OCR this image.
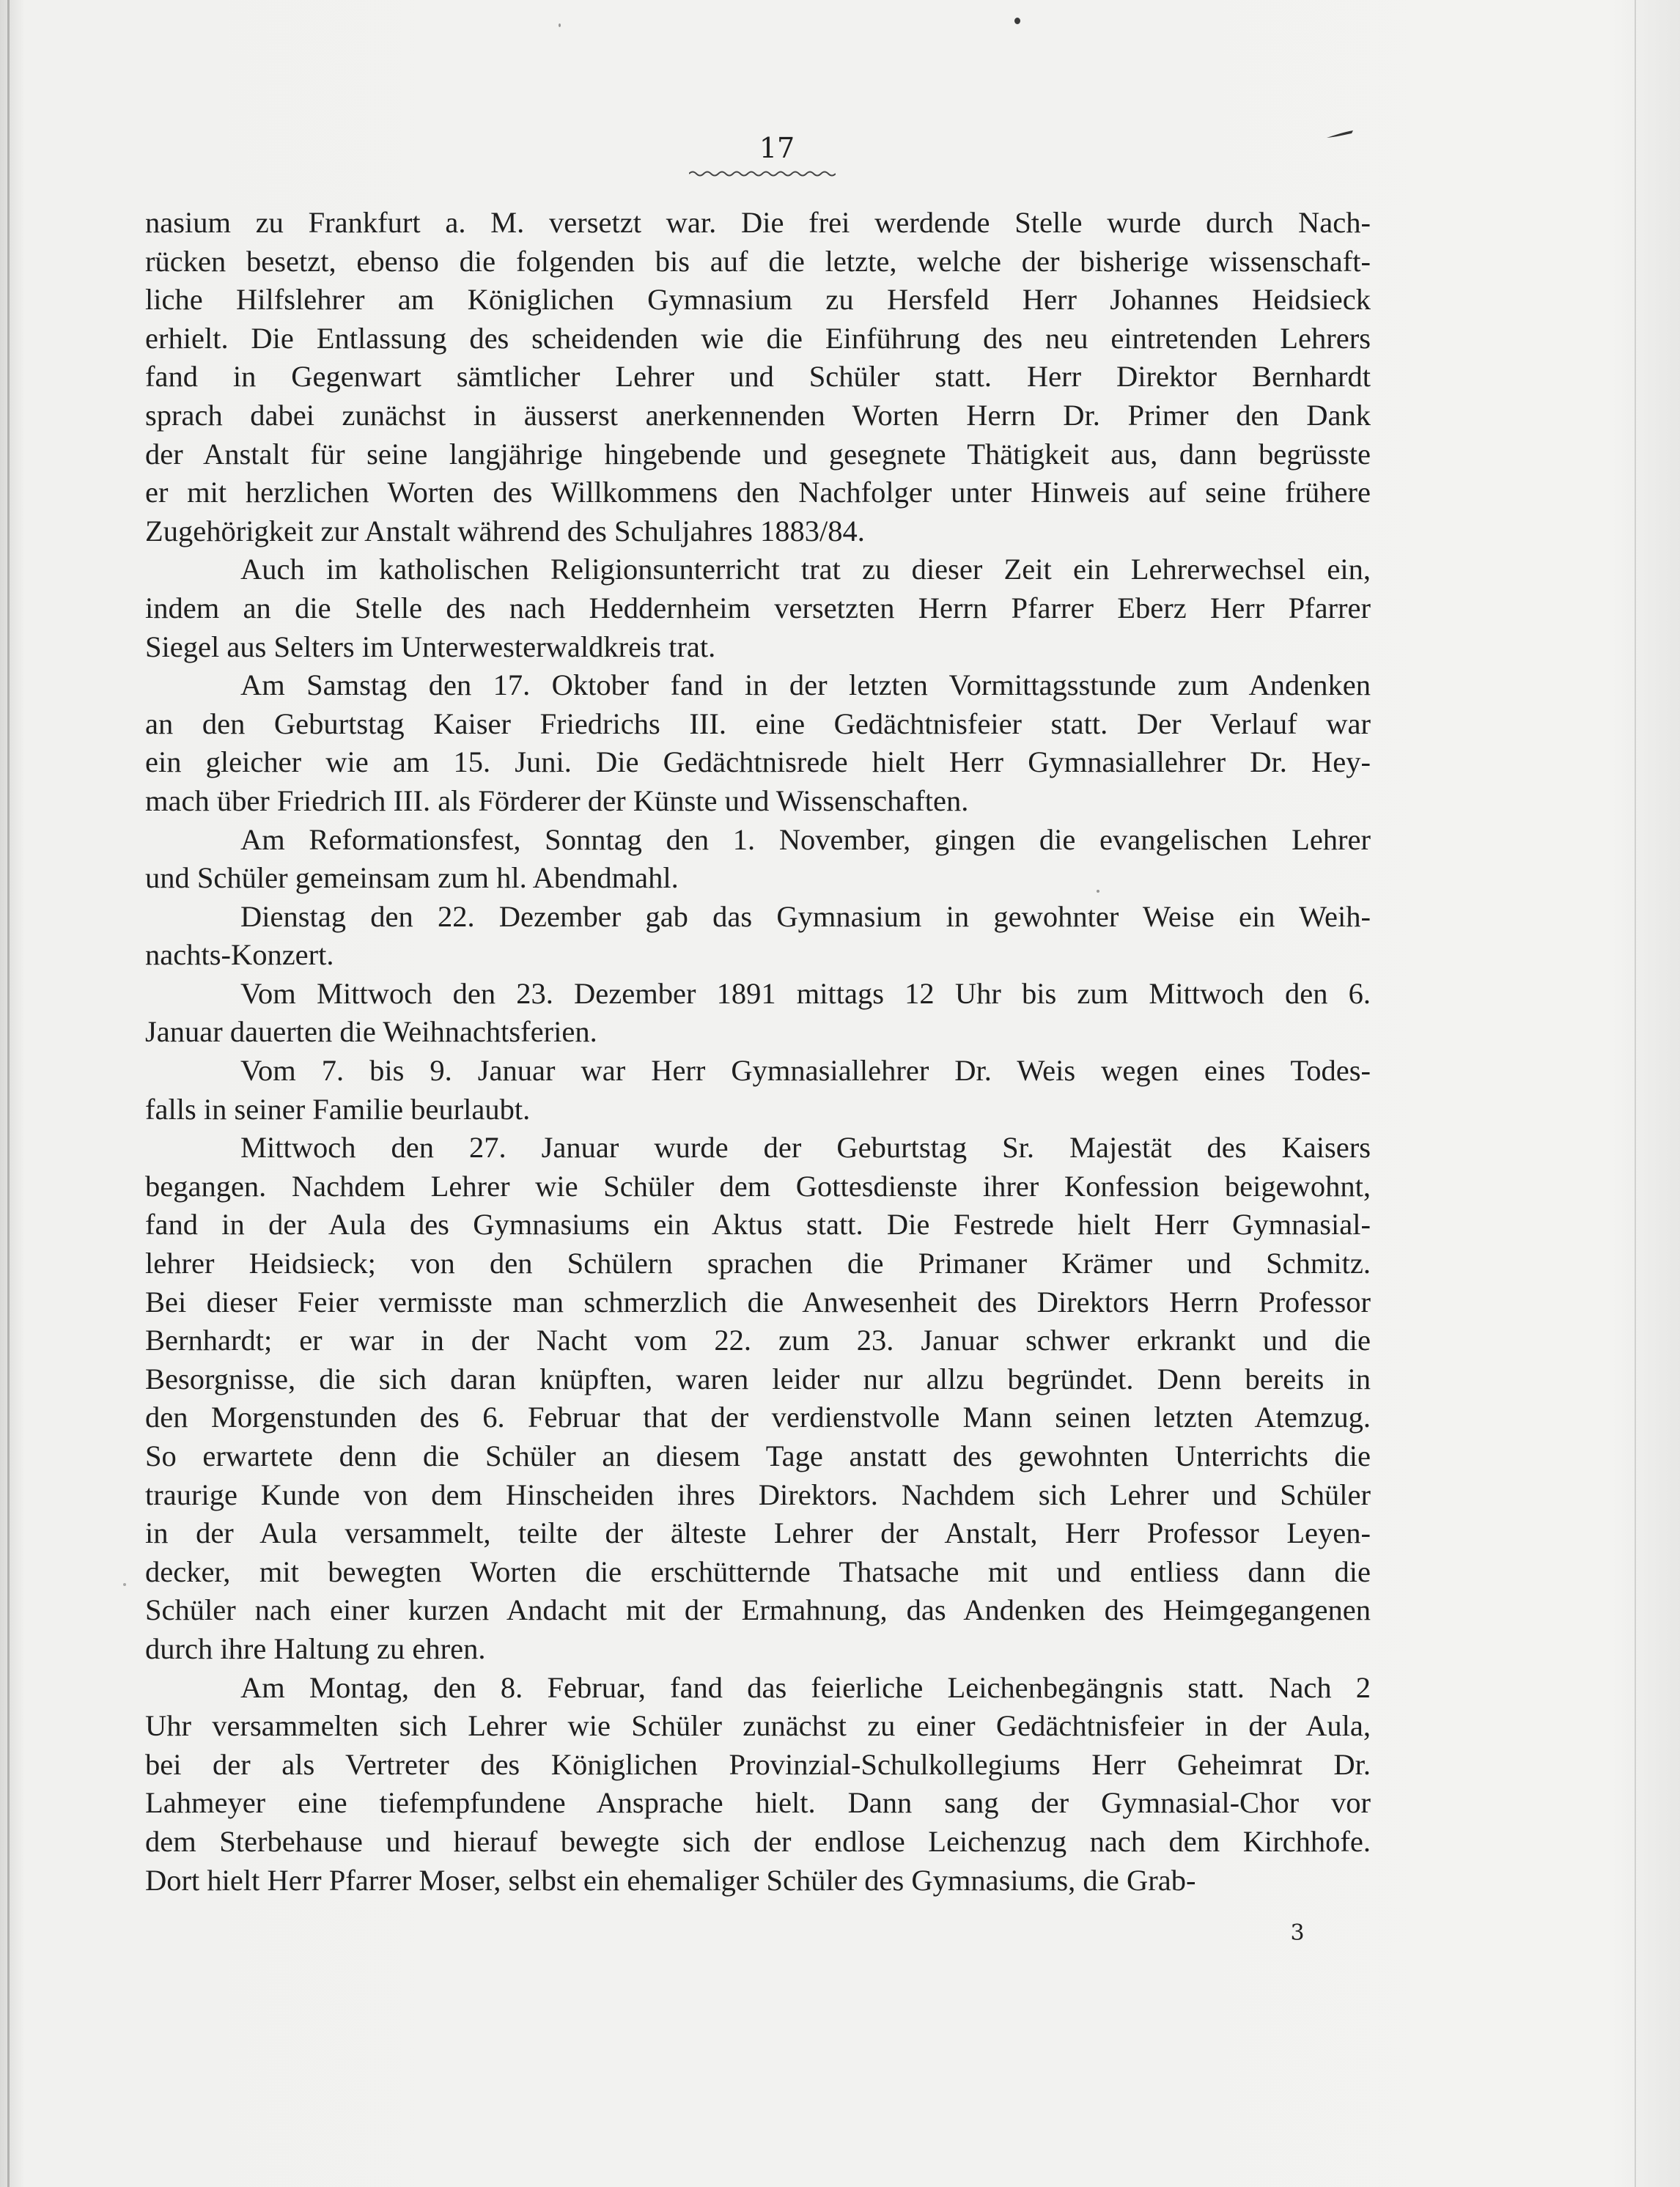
17
nasium zu Frankfurt a. M. versetzt war. Die frei werdende Stelle wurde durch Nach-
rücken besetzt, ebenso die folgenden bis auf die letzte, welche der bisherige wissenschaft-
liche Hilfslehrer am Königlichen Gymnasium zu Hersfeld Herr Johannes Heidsieck
erhielt. Die Entlassung des scheidenden wie die Einführung des neu eintretenden Lehrers
fand in Gegenwart sämtlicher Lehrer und Schüler statt. Herr Direktor Bernhardt
sprach dabei zunächst in äusserst anerkennenden Worten Herrn Dr. Primer den Dank
der Anstalt für seine langjährige hingebende und gesegnete Thätigkeit aus, dann begrüsste
er mit herzlichen Worten des Willkommens den Nachfolger unter Hinweis auf seine frühere
Zugehörigkeit zur Anstalt während des Schuljahres 1883/84.
Auch im katholischen Religionsunterricht trat zu dieser Zeit ein Lehrerwechsel ein,
indem an die Stelle des nach Heddernheim versetzten Herrn Pfarrer Eberz Herr Pfarrer
Siegel aus Selters im Unterwesterwaldkreis trat.
Am Samstag den 17. Oktober fand in der letzten Vormittagsstunde zum Andenken
an den Geburtstag Kaiser Friedrichs III. eine Gedächtnisfeier statt. Der Verlauf war
ein gleicher wie am 15. Juni. Die Gedächtnisrede hielt Herr Gymnasiallehrer Dr. Hey-
mach über Friedrich III. als Förderer der Künste und Wissenschaften.
Am Reformationsfest, Sonntag den 1. November, gingen die evangelischen Lehrer
und Schüler gemeinsam zum hl. Abendmahl.
Dienstag den 22. Dezember gab das Gymnasium in gewohnter Weise ein Weih-
nachts-Konzert.
Vom Mittwoch den 23. Dezember 1891 mittags 12 Uhr bis zum Mittwoch den 6.
Januar dauerten die Weihnachtsferien.
Vom 7. bis 9. Januar war Herr Gymnasiallehrer Dr. Weis wegen eines Todes-
falls in seiner Familie beurlaubt.
Mittwoch den 27. Januar wurde der Geburtstag Sr. Majestät des Kaisers
begangen. Nachdem Lehrer wie Schüler dem Gottesdienste ihrer Konfession beigewohnt,
fand in der Aula des Gymnasiums ein Aktus statt. Die Festrede hielt Herr Gymnasial-
lehrer Heidsieck; von den Schülern sprachen die Primaner Krämer und Schmitz.
Bei dieser Feier vermisste man schmerzlich die Anwesenheit des Direktors Herrn Professor
Bernhardt; er war in der Nacht vom 22. zum 23. Januar schwer erkrankt und die
Besorgnisse, die sich daran knüpften, waren leider nur allzu begründet. Denn bereits in
den Morgenstunden des 6. Februar that der verdienstvolle Mann seinen letzten Atemzug.
So erwartete denn die Schüler an diesem Tage anstatt des gewohnten Unterrichts die
traurige Kunde von dem Hinscheiden ihres Direktors. Nachdem sich Lehrer und Schüler
in der Aula versammelt, teilte der älteste Lehrer der Anstalt, Herr Professor Leyen-
decker, mit bewegten Worten die erschütternde Thatsache mit und entliess dann die
Schüler nach einer kurzen Andacht mit der Ermahnung, das Andenken des Heimgegangenen
durch ihre Haltung zu ehren.
Am Montag, den 8. Februar, fand das feierliche Leichenbegängnis statt. Nach 2
Uhr versammelten sich Lehrer wie Schüler zunächst zu einer Gedächtnisfeier in der Aula,
bei der als Vertreter des Königlichen Provinzial-Schulkollegiums Herr Geheimrat Dr.
Lahmeyer eine tiefempfundene Ansprache hielt. Dann sang der Gymnasial-Chor vor
dem Sterbehause und hierauf bewegte sich der endlose Leichenzug nach dem Kirchhofe.
Dort hielt Herr Pfarrer Moser, selbst ein ehemaliger Schüler des Gymnasiums, die Grab-
3
